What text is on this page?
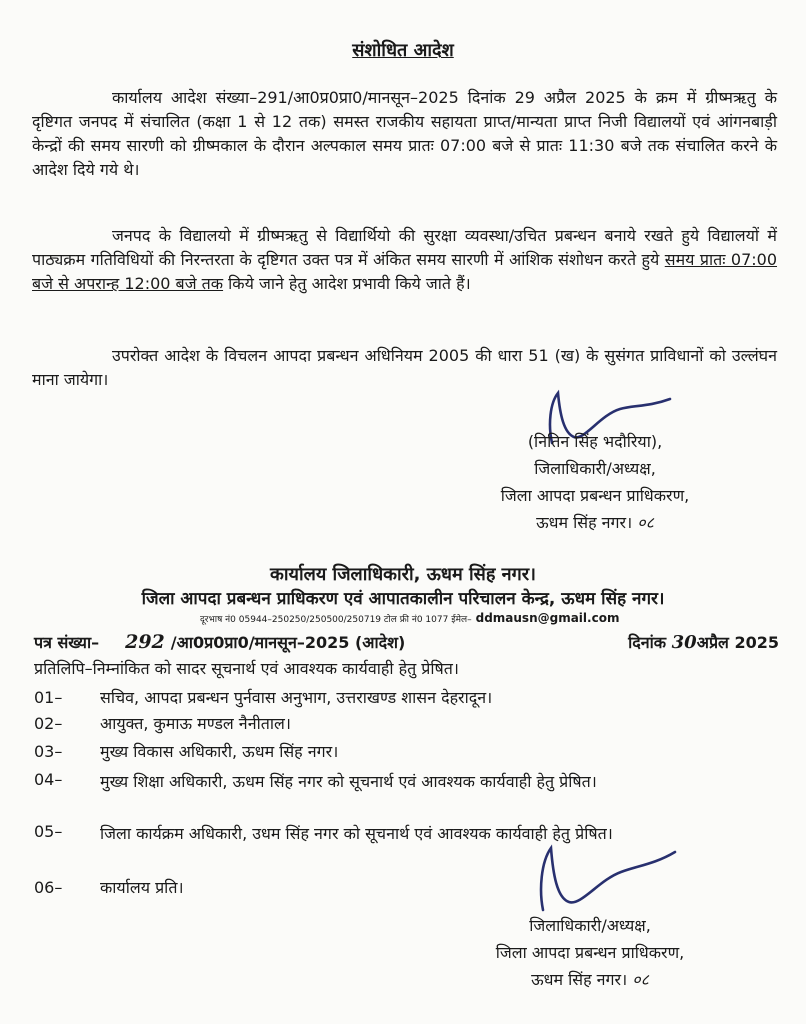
संशोधित आदेश

कार्यालय आदेश संख्या–291/आ0प्र0प्रा0/मानसून–2025 दिनांक 29 अप्रैल 2025 के क्रम में ग्रीष्मऋतु के दृष्टिगत जनपद में संचालित (कक्षा 1 से 12 तक) समस्त राजकीय सहायता प्राप्त/मान्यता प्राप्त निजी विद्यालयों एवं आंगनबाड़ी केन्द्रों की समय सारणी को ग्रीष्मकाल के दौरान अल्पकाल समय प्रातः 07:00 बजे से प्रातः 11:30 बजे तक संचालित करने के आदेश दिये गये थे।

जनपद के विद्यालयो में ग्रीष्मऋतु से विद्यार्थियो की सुरक्षा व्यवस्था/उचित प्रबन्धन बनाये रखते हुये विद्यालयों में पाठ्यक्रम गतिविधियों की निरन्तरता के दृष्टिगत उक्त पत्र में अंकित समय सारणी में आंशिक संशोधन करते हुये समय प्रातः 07:00 बजे से अपरान्ह 12:00 बजे तक किये जाने हेतु आदेश प्रभावी किये जाते हैं।

उपरोक्त आदेश के विचलन आपदा प्रबन्धन अधिनियम 2005 की धारा 51 (ख) के सुसंगत प्राविधानों को उल्लंघन माना जायेगा।

(नितिन सिंह भदौरिया),
जिलाधिकारी/अध्यक्ष,
जिला आपदा प्रबन्धन प्राधिकरण,
ऊधम सिंह नगर। ०८
कार्यालय जिलाधिकारी, ऊधम सिंह नगर।
जिला आपदा प्रबन्धन प्राधिकरण एवं आपातकालीन परिचालन केन्द्र, ऊधम सिंह नगर।
दूरभाष नं0 05944–250250/250500/250719 टोल फ्री नं0 1077 ईमेल– ddmausn@gmail.com
पत्र संख्या– 292 /आ0प्र0प्रा0/मानसून–2025 (आदेश)	दिनांक 30अप्रैल 2025
प्रतिलिपि–निम्नांकित को सादर सूचनार्थ एवं आवश्यक कार्यवाही हेतु प्रेषित।
01–	सचिव, आपदा प्रबन्धन पुर्नवास अनुभाग, उत्तराखण्ड शासन देहरादून।
02–	आयुक्त, कुमाऊ मण्डल नैनीताल।
03–	मुख्य विकास अधिकारी, ऊधम सिंह नगर।
04–	मुख्य शिक्षा अधिकारी, ऊधम सिंह नगर को सूचनार्थ एवं आवश्यक कार्यवाही हेतु प्रेषित।
05–	जिला कार्यक्रम अधिकारी, उधम सिंह नगर को सूचनार्थ एवं आवश्यक कार्यवाही हेतु प्रेषित।
06–	कार्यालय प्रति।
जिलाधिकारी/अध्यक्ष,
जिला आपदा प्रबन्धन प्राधिकरण,
ऊधम सिंह नगर। ०८
